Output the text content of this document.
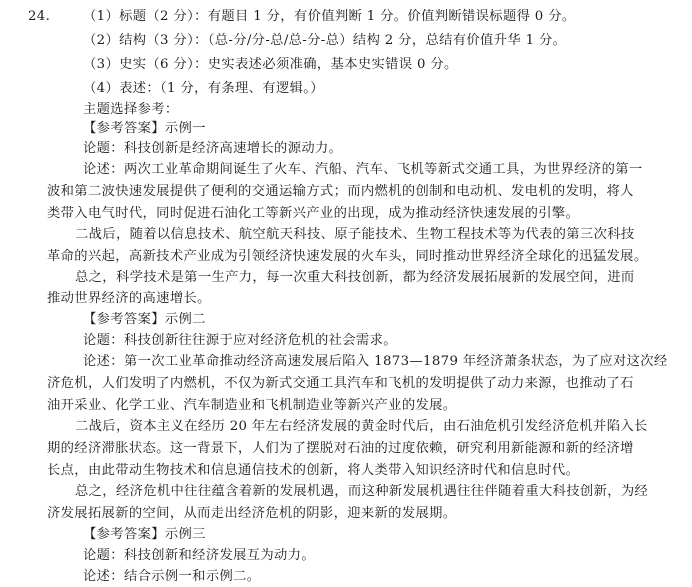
24. （1）标题（2 分）：有题目 1 分，有价值判断 1 分。价值判断错误标题得 0 分。
（2）结构（3 分）：（总-分/分-总/总-分-总）结构 2 分，总结有价值升华 1 分。
（3）史实（6 分）：史实表述必须准确，基本史实错误 0 分。
（4）表述：（1 分，有条理、有逻辑。）
主题选择参考：
【参考答案】示例一
论题：科技创新是经济高速增长的源动力。
论述：两次工业革命期间诞生了火车、汽船、汽车、飞机等新式交通工具，为世界经济的第一
波和第二波快速发展提供了便利的交通运输方式；而内燃机的创制和电动机、发电机的发明，将人
类带入电气时代，同时促进石油化工等新兴产业的出现，成为推动经济快速发展的引擎。
二战后，随着以信息技术、航空航天科技、原子能技术、生物工程技术等为代表的第三次科技
革命的兴起，高新技术产业成为引领经济快速发展的火车头，同时推动世界经济全球化的迅猛发展。
总之，科学技术是第一生产力，每一次重大科技创新，都为经济发展拓展新的发展空间，进而
推动世界经济的高速增长。
【参考答案】示例二
论题：科技创新往往源于应对经济危机的社会需求。
论述：第一次工业革命推动经济高速发展后陷入 1873—1879 年经济萧条状态，为了应对这次经
济危机，人们发明了内燃机，不仅为新式交通工具汽车和飞机的发明提供了动力来源，也推动了石
油开采业、化学工业、汽车制造业和飞机制造业等新兴产业的发展。
二战后，资本主义在经历 20 年左右经济发展的黄金时代后，由石油危机引发经济危机并陷入长
期的经济滞胀状态。这一背景下，人们为了摆脱对石油的过度依赖，研究利用新能源和新的经济增
长点，由此带动生物技术和信息通信技术的创新，将人类带入知识经济时代和信息时代。
总之，经济危机中往往蕴含着新的发展机遇，而这种新发展机遇往往伴随着重大科技创新，为经
济发展拓展新的空间，从而走出经济危机的阴影，迎来新的发展期。
【参考答案】示例三
论题：科技创新和经济发展互为动力。
论述：结合示例一和示例二。
